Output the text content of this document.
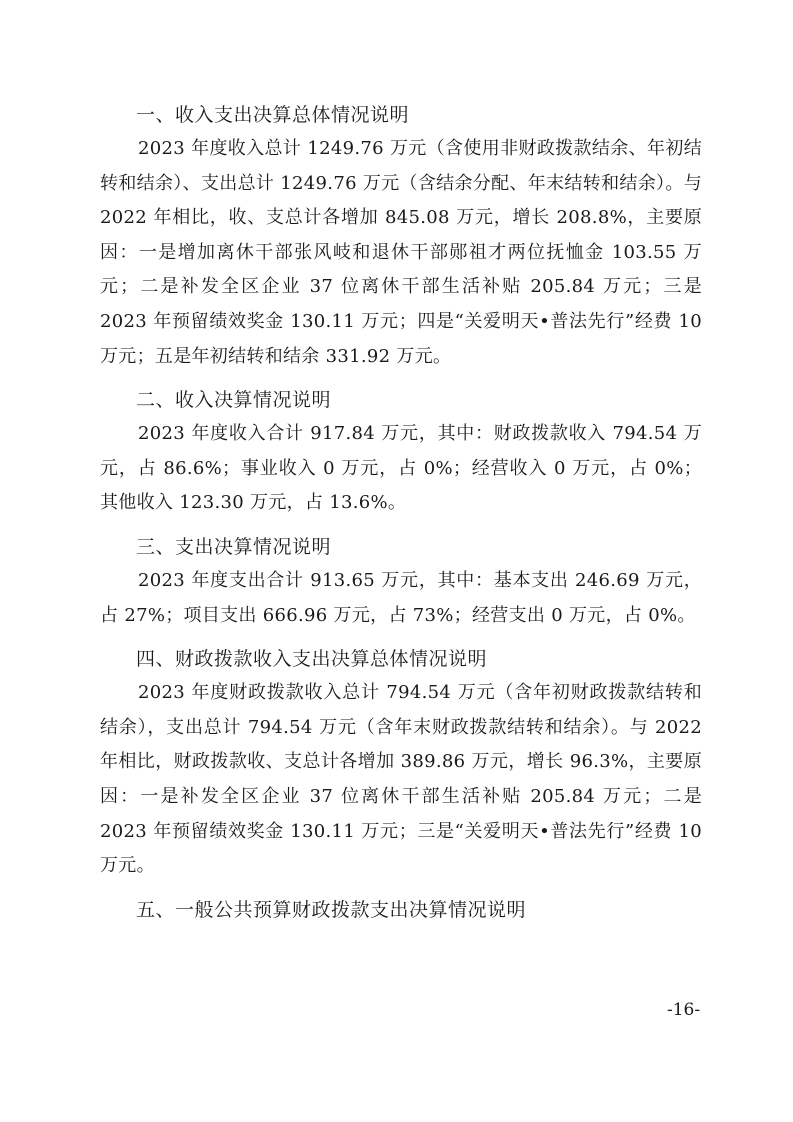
一、收入支出决算总体情况说明

2023 年度收入总计 1249.76 万元（含使用非财政拨款结余、年初结转和结余）、支出总计 1249.76 万元（含结余分配、年末结转和结余）。与 2022 年相比，收、支总计各增加 845.08 万元，增长 208.8%，主要原因：一是增加离休干部张风岐和退休干部郧祖才两位抚恤金 103.55 万元；二是补发全区企业 37 位离休干部生活补贴 205.84 万元；三是 2023 年预留绩效奖金 130.11 万元；四是“关爱明天•普法先行”经费 10 万元；五是年初结转和结余 331.92 万元。

二、收入决算情况说明

2023 年度收入合计 917.84 万元，其中：财政拨款收入 794.54 万元，占 86.6%；事业收入 0 万元，占 0%；经营收入 0 万元，占 0%；其他收入 123.30 万元，占 13.6%。

三、支出决算情况说明

2023 年度支出合计 913.65 万元，其中：基本支出 246.69 万元，占 27%；项目支出 666.96 万元，占 73%；经营支出 0 万元，占 0%。

四、财政拨款收入支出决算总体情况说明

2023 年度财政拨款收入总计 794.54 万元（含年初财政拨款结转和结余），支出总计 794.54 万元（含年末财政拨款结转和结余）。与 2022 年相比，财政拨款收、支总计各增加 389.86 万元，增长 96.3%，主要原因：一是补发全区企业 37 位离休干部生活补贴 205.84 万元；二是 2023 年预留绩效奖金 130.11 万元；三是“关爱明天•普法先行”经费 10 万元。

五、一般公共预算财政拨款支出决算情况说明
-16-
